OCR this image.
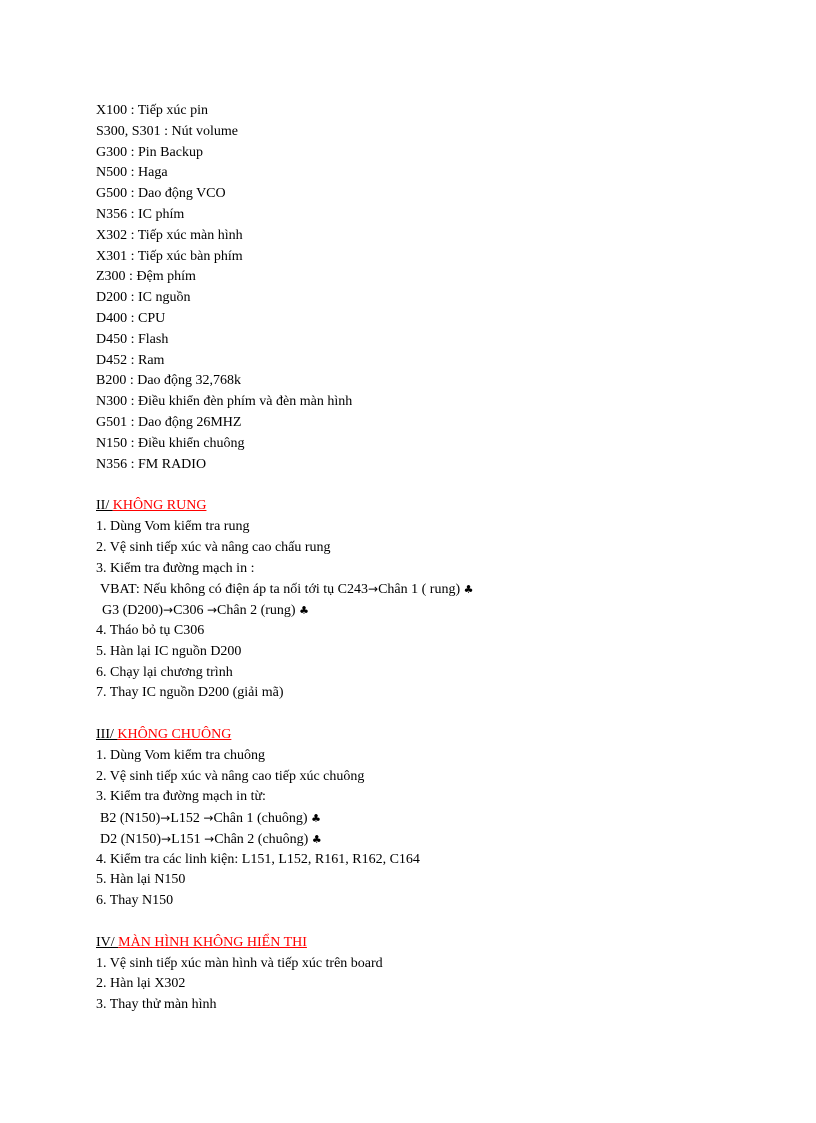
X100 : Tiếp xúc pin
S300, S301 : Nút volume
G300 : Pin Backup
N500 : Haga
G500 : Dao động VCO
N356 : IC phím
X302 : Tiếp xúc màn hình
X301 : Tiếp xúc bàn phím
Z300 : Đệm phím
D200 : IC nguồn
D400 : CPU
D450 : Flash
D452 : Ram
B200 : Dao động 32,768k
N300 : Điều khiển đèn phím và đèn màn hình
G501 : Dao động 26MHZ
N150 : Điều khiển chuông
N356 : FM RADIO
II/ KHÔNG RUNG
1. Dùng Vom kiểm tra rung
2. Vệ sinh tiếp xúc và nâng cao chấu rung
3. Kiểm tra đường mạch in :
VBAT: Nếu không có điện áp ta nối tới tụ C243→Chân 1 ( rung) ♣
G3 (D200)→C306 →Chân 2 (rung) ♣
4. Tháo bỏ tụ C306
5. Hàn lại IC nguồn D200
6. Chạy lại chương trình
7. Thay IC nguồn D200 (giải mã)
III/ KHÔNG CHUÔNG
1. Dùng Vom kiểm tra chuông
2. Vệ sinh tiếp xúc và nâng cao tiếp xúc chuông
3. Kiểm tra đường mạch in từ:
B2 (N150)→L152 →Chân 1 (chuông) ♣
D2 (N150)→L151 →Chân 2 (chuông) ♣
4. Kiểm tra các linh kiện: L151, L152, R161, R162, C164
5. Hàn lại N150
6. Thay N150
IV/ MÀN HÌNH KHÔNG HIỂN THI
1. Vệ sinh tiếp xúc màn hình và tiếp xúc trên board
2. Hàn lại X302
3. Thay thử màn hình
